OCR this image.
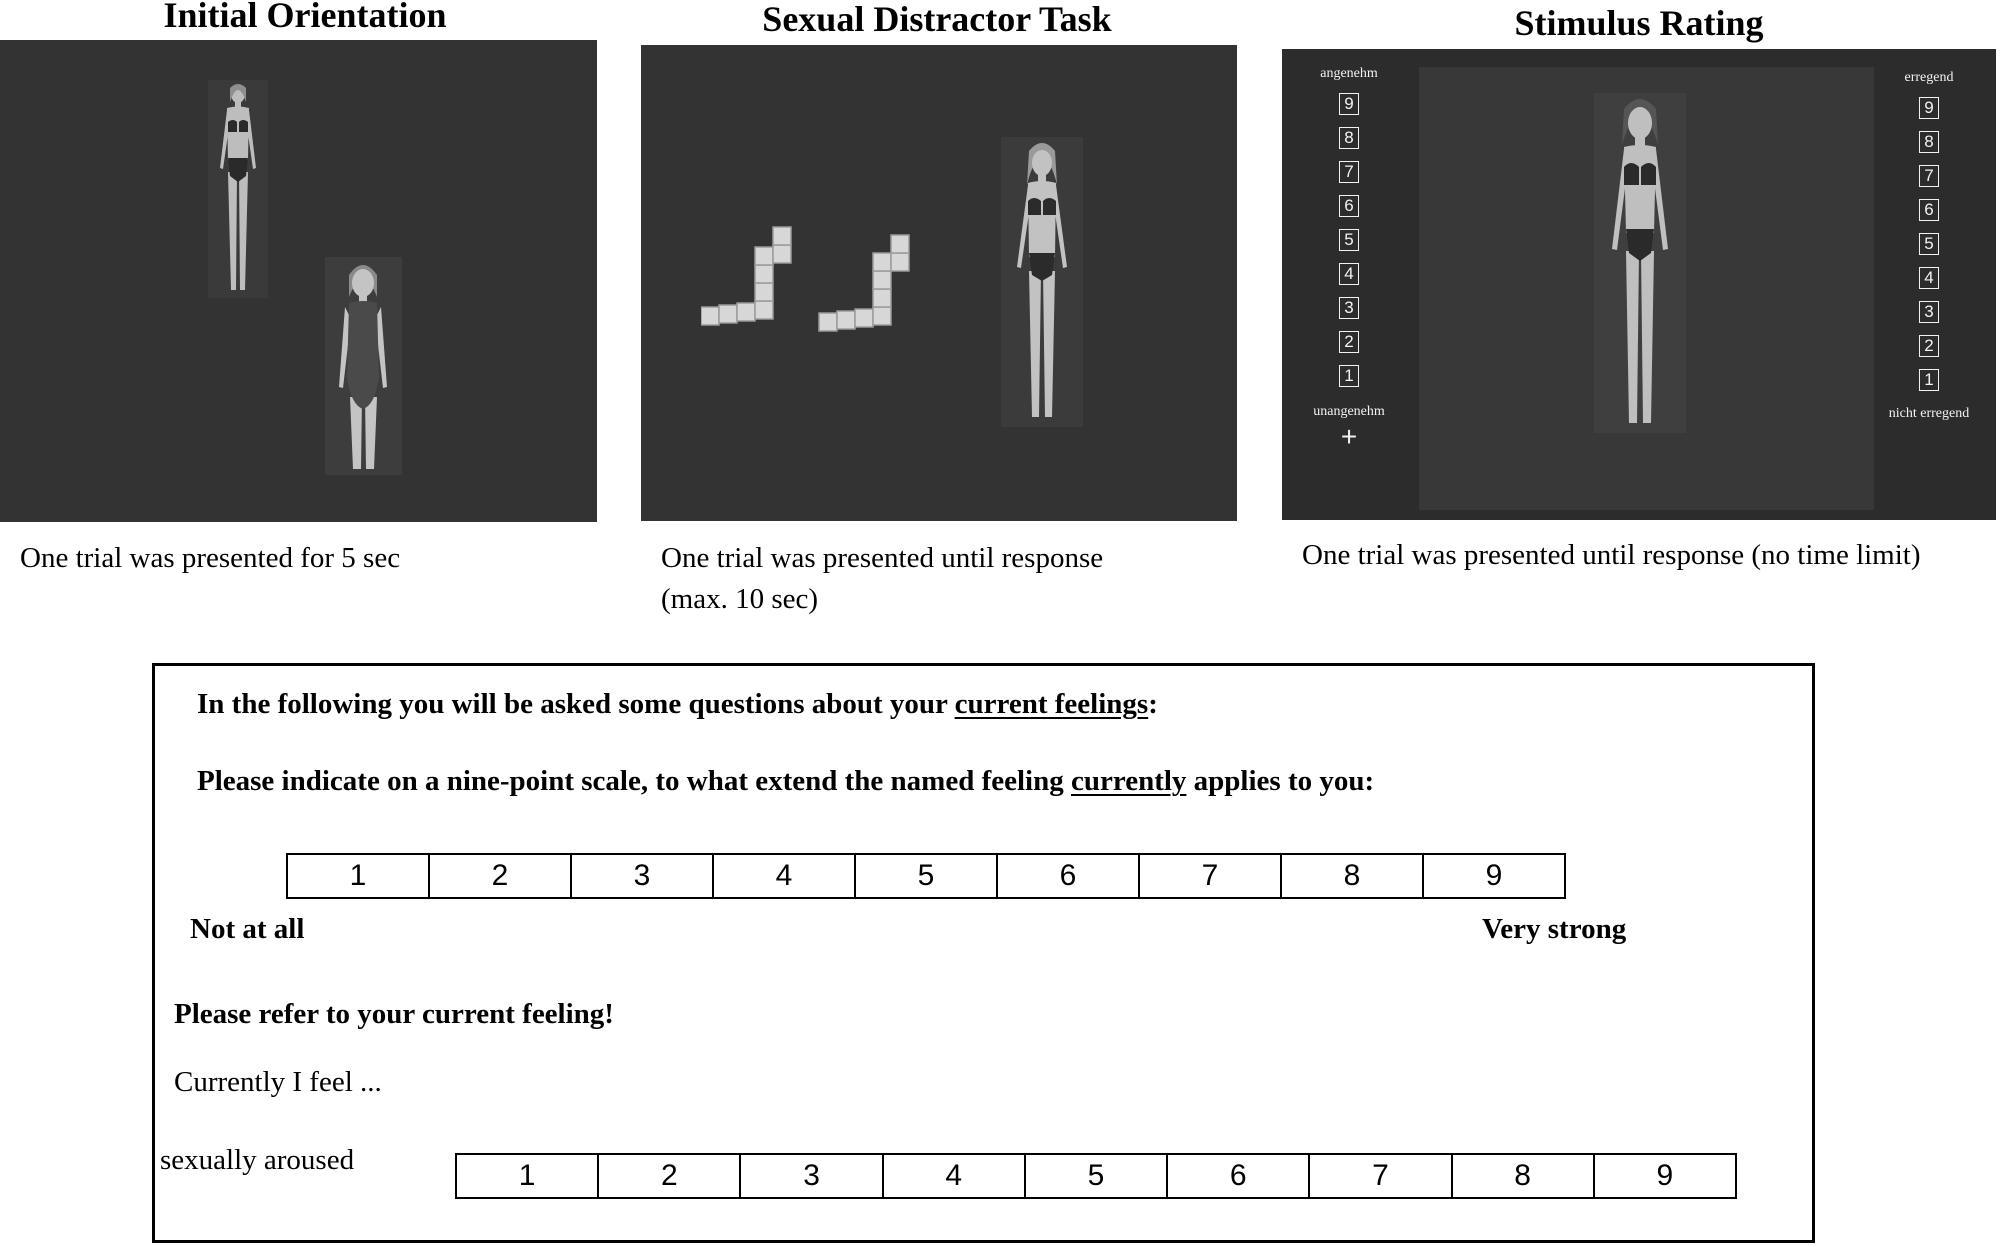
Initial Orientation
One trial was presented for 5 sec
Sexual Distractor Task
One trial was presented until response
(max. 10 sec)
Stimulus Rating
angenehm
9
8
7
6
5
4
3
2
1
unangenehm
+
erregend
9
8
7
6
5
4
3
2
1
nicht erregend
One trial was presented until response (no time limit)
In the following you will be asked some questions about your current feelings:
Please indicate on a nine-point scale, to what extend the named feeling currently applies to you:
1	2	3	4	5	6	7	8	9
Not at all	Very strong
Please refer to your current feeling!
Currently I feel ...
sexually aroused	1	2	3	4	5	6	7	8	9
